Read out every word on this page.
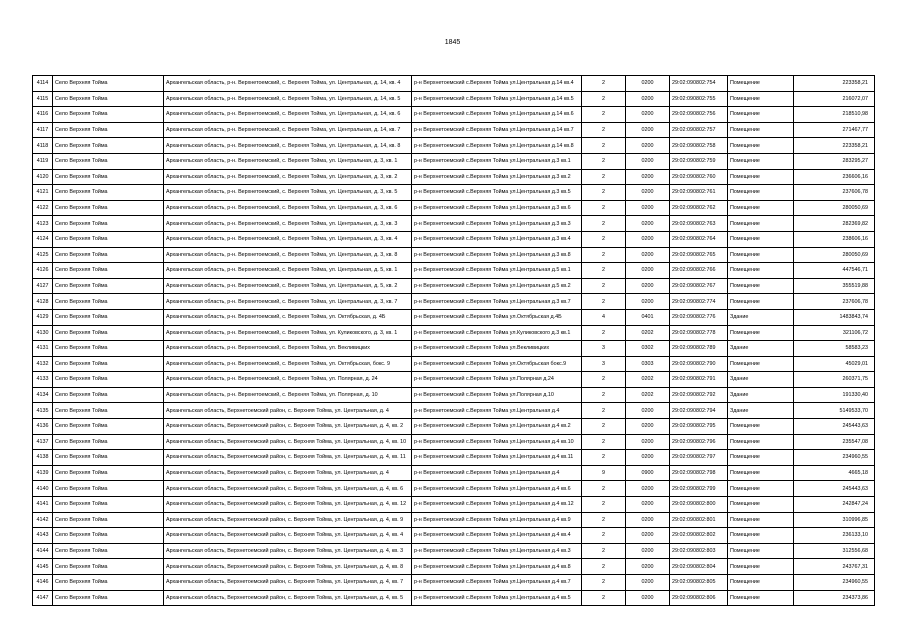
1845
4114	Село Верхняя Тойма	Архангельская область, р-н. Верхнетоемский, с. Верхняя Тойма, ул. Центральная, д. 14, кв. 4	р-н Верхнетоемский с.Верхняя Тойма ул.Центральная д.14 кв.4	2	0200	29:02:090802:754	Помещение	223358,21
4115	Село Верхняя Тойма	Архангельская область, р-н. Верхнетоемский, с. Верхняя Тойма, ул. Центральная, д. 14, кв. 5	р-н Верхнетоемский с.Верхняя Тойма ул.Центральная д.14 кв.5	2	0200	29:02:090802:755	Помещение	216072,07
4116	Село Верхняя Тойма	Архангельская область, р-н. Верхнетоемский, с. Верхняя Тойма, ул. Центральная, д. 14, кв. 6	р-н Верхнетоемский с.Верхняя Тойма ул.Центральная д.14 кв.6	2	0200	29:02:090802:756	Помещение	218510,98
4117	Село Верхняя Тойма	Архангельская область, р-н. Верхнетоемский, с. Верхняя Тойма, ул. Центральная, д. 14, кв. 7	р-н Верхнетоемский с.Верхняя Тойма ул.Центральная д.14 кв.7	2	0200	29:02:090802:757	Помещение	271467,77
4118	Село Верхняя Тойма	Архангельская область, р-н. Верхнетоемский, с. Верхняя Тойма, ул. Центральная, д. 14, кв. 8	р-н Верхнетоемский с.Верхняя Тойма ул.Центральная д.14 кв.8	2	0200	29:02:090802:758	Помещение	223358,21
4119	Село Верхняя Тойма	Архангельская область, р-н. Верхнетоемский, с. Верхняя Тойма, ул. Центральная, д. 3, кв. 1	р-н Верхнетоемский с.Верхняя Тойма ул.Центральная д.3 кв.1	2	0200	29:02:090802:759	Помещение	283295,27
4120	Село Верхняя Тойма	Архангельская область, р-н. Верхнетоемский, с. Верхняя Тойма, ул. Центральная, д. 3, кв. 2	р-н Верхнетоемский с.Верхняя Тойма ул.Центральная д.3 кв.2	2	0200	29:02:090802:760	Помещение	236606,16
4121	Село Верхняя Тойма	Архангельская область, р-н. Верхнетоемский, с. Верхняя Тойма, ул. Центральная, д. 3, кв. 5	р-н Верхнетоемский с.Верхняя Тойма ул.Центральная д.3 кв.5	2	0200	29:02:090802:761	Помещение	237606,78
4122	Село Верхняя Тойма	Архангельская область, р-н. Верхнетоемский, с. Верхняя Тойма, ул. Центральная, д. 3, кв. 6	р-н Верхнетоемский с.Верхняя Тойма ул.Центральная д.3 кв.6	2	0200	29:02:090802:762	Помещение	280050,69
4123	Село Верхняя Тойма	Архангельская область, р-н. Верхнетоемский, с. Верхняя Тойма, ул. Центральная, д. 3, кв. 3	р-н Верхнетоемский с.Верхняя Тойма ул.Центральная д.3 кв.3	2	0200	29:02:090802:763	Помещение	282369,82
4124	Село Верхняя Тойма	Архангельская область, р-н. Верхнетоемский, с. Верхняя Тойма, ул. Центральная, д. 3, кв. 4	р-н Верхнетоемский с.Верхняя Тойма ул.Центральная д.3 кв.4	2	0200	29:02:090802:764	Помещение	238606,16
4125	Село Верхняя Тойма	Архангельская область, р-н. Верхнетоемский, с. Верхняя Тойма, ул. Центральная, д. 3, кв. 8	р-н Верхнетоемский с.Верхняя Тойма ул.Центральная д.3 кв.8	2	0200	29:02:090802:765	Помещение	280050,69
4126	Село Верхняя Тойма	Архангельская область, р-н. Верхнетоемский, с. Верхняя Тойма, ул. Центральная, д. 5, кв. 1	р-н Верхнетоемский с.Верхняя Тойма ул.Центральная д.5 кв.1	2	0200	29:02:090802:766	Помещение	447546,71
4127	Село Верхняя Тойма	Архангельская область, р-н. Верхнетоемский, с. Верхняя Тойма, ул. Центральная, д. 5, кв. 2	р-н Верхнетоемский с.Верхняя Тойма ул.Центральная д.5 кв.2	2	0200	29:02:090802:767	Помещение	355519,88
4128	Село Верхняя Тойма	Архангельская область, р-н. Верхнетоемский, с. Верхняя Тойма, ул. Центральная, д. 3, кв. 7	р-н Верхнетоемский с.Верхняя Тойма ул.Центральная д.3 кв.7	2	0200	29:02:090802:774	Помещение	237606,78
4129	Село Верхняя Тойма	Архангельская область, р-н. Верхнетоемский, с. Верхняя Тойма, ул. Октябрьская, д. 4Б	р-н Верхнетоемский с.Верхняя Тойма ул.Октябрьская д.4Б	4	0401	29:02:090802:776	Здание	1483843,74
4130	Село Верхняя Тойма	Архангельская область, р-н. Верхнетоемский, с. Верхняя Тойма, ул. Куликовского, д. 3, кв. 1	р-н Верхнетоемский с.Верхняя Тойма ул.Куликовского д.3 кв.1	2	0202	29:02:090802:778	Помещение	321106,72
4131	Село Верхняя Тойма	Архангельская область, р-н. Верхнетоемский, с. Верхняя Тойма, ул. Векливицких	р-н Верхнетоемский с.Верхняя Тойма ул.Векливицких	3	0302	29:02:090802:789	Здание	58583,23
4132	Село Верхняя Тойма	Архангельская область, р-н. Верхнетоемский, с. Верхняя Тойма, ул. Октябрьская, бокс. 9	р-н Верхнетоемский с.Верхняя Тойма ул.Октябрьская бокс.9	3	0303	29:02:090802:790	Помещение	45029,01
4133	Село Верхняя Тойма	Архангельская область, р-н. Верхнетоемский, с. Верхняя Тойма, ул. Полярная, д. 24	р-н Верхнетоемский с.Верхняя Тойма ул.Полярная д.24	2	0202	29:02:090802:791	Здание	260371,75
4134	Село Верхняя Тойма	Архангельская область, р-н. Верхнетоемский, с. Верхняя Тойма, ул. Полярная, д. 10	р-н Верхнетоемский с.Верхняя Тойма ул.Полярная д.10	2	0202	29:02:090802:792	Здание	191330,40
4135	Село Верхняя Тойма	Архангельская область, Верхнетоемский район, с. Верхняя Тойма, ул. Центральная, д. 4	р-н Верхнетоемский с.Верхняя Тойма ул.Центральная д.4	2	0200	29:02:090802:794	Здание	5149533,70
4136	Село Верхняя Тойма	Архангельская область, Верхнетоемский район, с. Верхняя Тойма, ул. Центральная, д. 4, кв. 2	р-н Верхнетоемский с.Верхняя Тойма ул.Центральная д.4 кв.2	2	0200	29:02:090802:795	Помещение	245443,63
4137	Село Верхняя Тойма	Архангельская область, Верхнетоемский район, с. Верхняя Тойма, ул. Центральная, д. 4, кв. 10	р-н Верхнетоемский с.Верхняя Тойма ул.Центральная д.4 кв.10	2	0200	29:02:090802:796	Помещение	235547,08
4138	Село Верхняя Тойма	Архангельская область, Верхнетоемский район, с. Верхняя Тойма, ул. Центральная, д. 4, кв. 11	р-н Верхнетоемский с.Верхняя Тойма ул.Центральная д.4 кв.11	2	0200	29:02:090802:797	Помещение	234960,55
4139	Село Верхняя Тойма	Архангельская область, Верхнетоемский район, с. Верхняя Тойма, ул. Центральная, д. 4	р-н Верхнетоемский с.Верхняя Тойма ул.Центральная д.4	9	0900	29:02:090802:798	Помещение	4665,18
4140	Село Верхняя Тойма	Архангельская область, Верхнетоемский район, с. Верхняя Тойма, ул. Центральная, д. 4, кв. 6	р-н Верхнетоемский с.Верхняя Тойма ул.Центральная д.4 кв.6	2	0200	29:02:090802:799	Помещение	245443,63
4141	Село Верхняя Тойма	Архангельская область, Верхнетоемский район, с. Верхняя Тойма, ул. Центральная, д. 4, кв. 12	р-н Верхнетоемский с.Верхняя Тойма ул.Центральная д.4 кв.12	2	0200	29:02:090802:800	Помещение	242847,24
4142	Село Верхняя Тойма	Архангельская область, Верхнетоемский район, с. Верхняя Тойма, ул. Центральная, д. 4, кв. 9	р-н Верхнетоемский с.Верхняя Тойма ул.Центральная д.4 кв.9	2	0200	29:02:090802:801	Помещение	310996,85
4143	Село Верхняя Тойма	Архангельская область, Верхнетоемский район, с. Верхняя Тойма, ул. Центральная, д. 4, кв. 4	р-н Верхнетоемский с.Верхняя Тойма ул.Центральная д.4 кв.4	2	0200	29:02:090802:802	Помещение	236133,10
4144	Село Верхняя Тойма	Архангельская область, Верхнетоемский район, с. Верхняя Тойма, ул. Центральная, д. 4, кв. 3	р-н Верхнетоемский с.Верхняя Тойма ул.Центральная д.4 кв.3	2	0200	29:02:090802:803	Помещение	312556,68
4145	Село Верхняя Тойма	Архангельская область, Верхнетоемский район, с. Верхняя Тойма, ул. Центральная, д. 4, кв. 8	р-н Верхнетоемский с.Верхняя Тойма ул.Центральная д.4 кв.8	2	0200	29:02:090802:804	Помещение	243767,31
4146	Село Верхняя Тойма	Архангельская область, Верхнетоемский район, с. Верхняя Тойма, ул. Центральная, д. 4, кв. 7	р-н Верхнетоемский с.Верхняя Тойма ул.Центральная д.4 кв.7	2	0200	29:02:090802:805	Помещение	234960,55
4147	Село Верхняя Тойма	Архангельская область, Верхнетоемский район, с. Верхняя Тойма, ул. Центральная, д. 4, кв. 5	р-н Верхнетоемский с.Верхняя Тойма ул.Центральная д.4 кв.5	2	0200	29:02:090802:806	Помещение	234373,86
